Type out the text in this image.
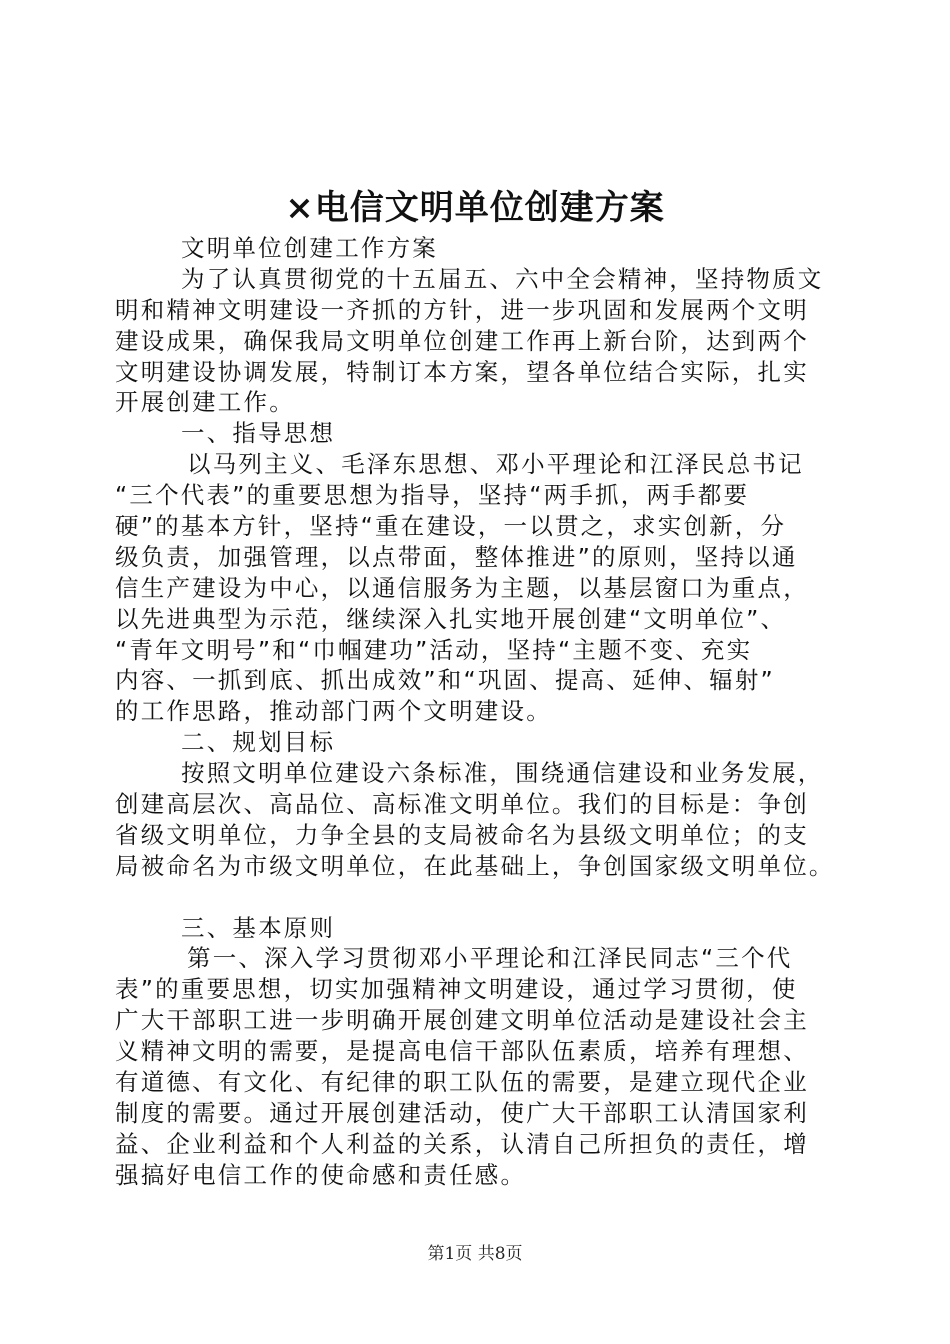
×电信文明单位创建方案
文明单位创建工作方案
为了认真贯彻党的十五届五、六中全会精神，坚持物质文
明和精神文明建设一齐抓的方针，进一步巩固和发展两个文明
建设成果，确保我局文明单位创建工作再上新台阶，达到两个
文明建设协调发展，特制订本方案，望各单位结合实际，扎实
开展创建工作。
一、指导思想
以马列主义、毛泽东思想、邓小平理论和江泽民总书记
“三个代表”的重要思想为指导，坚持“两手抓，两手都要
硬”的基本方针，坚持“重在建设，一以贯之，求实创新，分
级负责，加强管理，以点带面，整体推进”的原则，坚持以通
信生产建设为中心，以通信服务为主题，以基层窗口为重点，
以先进典型为示范，继续深入扎实地开展创建“文明单位”、
“青年文明号”和“巾帼建功”活动，坚持“主题不变、充实
内容、一抓到底、抓出成效”和“巩固、提高、延伸、辐射”
的工作思路，推动部门两个文明建设。
二、规划目标
按照文明单位建设六条标准，围绕通信建设和业务发展，
创建高层次、高品位、高标准文明单位。我们的目标是：争创
省级文明单位，力争全县的支局被命名为县级文明单位；的支
局被命名为市级文明单位，在此基础上，争创国家级文明单位。
三、基本原则
第一、深入学习贯彻邓小平理论和江泽民同志“三个代
表”的重要思想，切实加强精神文明建设，通过学习贯彻，使
广大干部职工进一步明确开展创建文明单位活动是建设社会主
义精神文明的需要，是提高电信干部队伍素质，培养有理想、
有道德、有文化、有纪律的职工队伍的需要，是建立现代企业
制度的需要。通过开展创建活动，使广大干部职工认清国家利
益、企业利益和个人利益的关系，认清自己所担负的责任，增
强搞好电信工作的使命感和责任感。
第1页 共8页
